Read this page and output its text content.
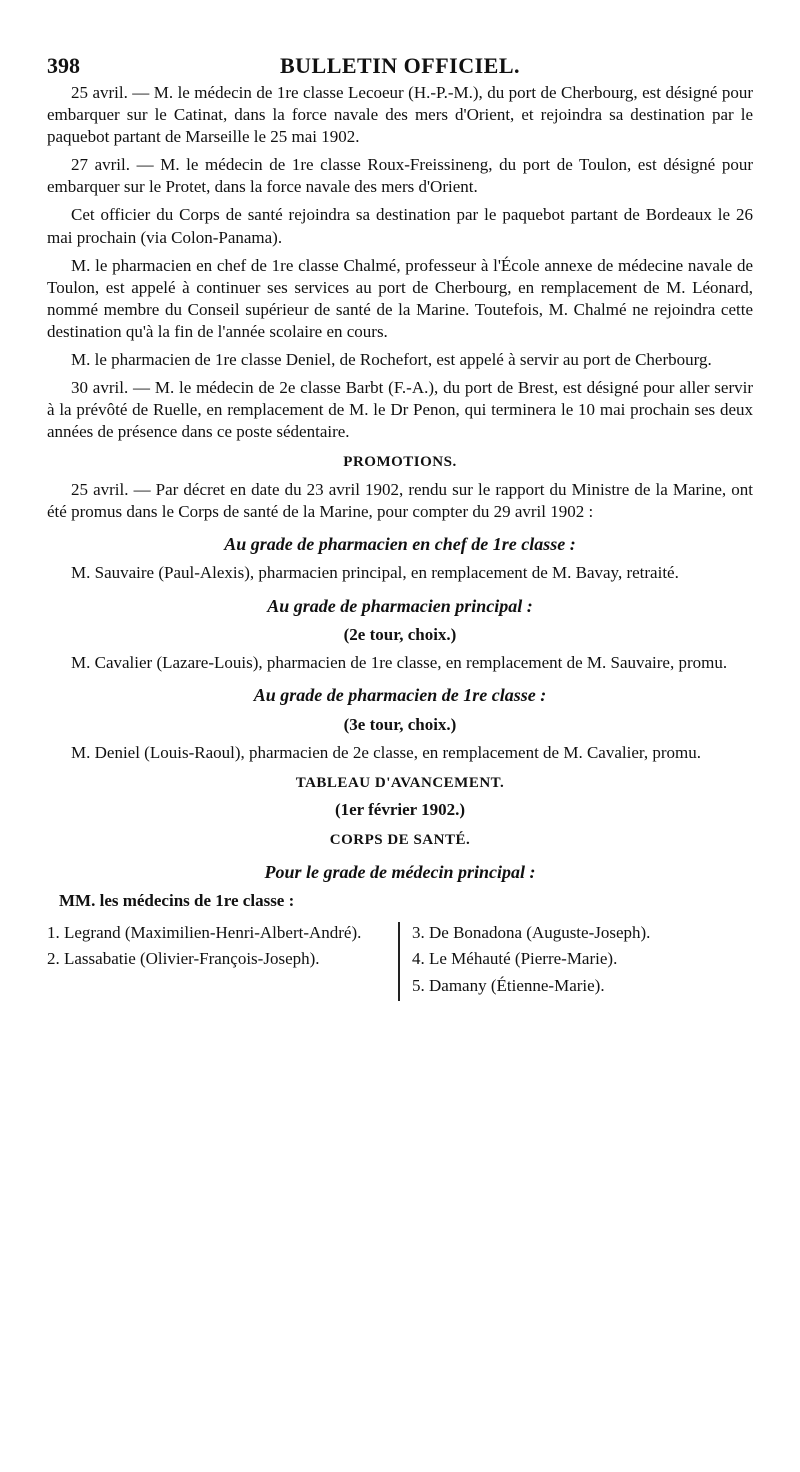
398	BULLETIN OFFICIEL.

25 avril. — M. le médecin de 1re classe Lecoeur (H.-P.-M.), du port de Cherbourg, est désigné pour embarquer sur le Catinat, dans la force navale des mers d'Orient, et rejoindra sa destination par le paquebot partant de Marseille le 25 mai 1902.

27 avril. — M. le médecin de 1re classe Roux-Freissineng, du port de Toulon, est désigné pour embarquer sur le Protet, dans la force navale des mers d'Orient.

Cet officier du Corps de santé rejoindra sa destination par le paquebot partant de Bordeaux le 26 mai prochain (via Colon-Panama).

M. le pharmacien en chef de 1re classe Chalmé, professeur à l'École annexe de médecine navale de Toulon, est appelé à continuer ses services au port de Cherbourg, en remplacement de M. Léonard, nommé membre du Conseil supérieur de santé de la Marine. Toutefois, M. Chalmé ne rejoindra cette destination qu'à la fin de l'année scolaire en cours.

M. le pharmacien de 1re classe Deniel, de Rochefort, est appelé à servir au port de Cherbourg.

30 avril. — M. le médecin de 2e classe Barbt (F.-A.), du port de Brest, est désigné pour aller servir à la prévôté de Ruelle, en remplacement de M. le Dr Penon, qui terminera le 10 mai prochain ses deux années de présence dans ce poste sédentaire.

PROMOTIONS.

25 avril. — Par décret en date du 23 avril 1902, rendu sur le rapport du Ministre de la Marine, ont été promus dans le Corps de santé de la Marine, pour compter du 29 avril 1902 :

Au grade de pharmacien en chef de 1re classe :

M. Sauvaire (Paul-Alexis), pharmacien principal, en remplacement de M. Bavay, retraité.

Au grade de pharmacien principal :
(2e tour, choix.)

M. Cavalier (Lazare-Louis), pharmacien de 1re classe, en remplacement de M. Sauvaire, promu.

Au grade de pharmacien de 1re classe :
(3e tour, choix.)

M. Deniel (Louis-Raoul), pharmacien de 2e classe, en remplacement de M. Cavalier, promu.

TABLEAU D'AVANCEMENT.
(1er février 1902.)
CORPS DE SANTÉ.
Pour le grade de médecin principal :

MM. les médecins de 1re classe :

1. Legrand (Maximilien-Henri-Albert-André).
2. Lassabatie (Olivier-François-Joseph).
3. De Bonadona (Auguste-Joseph).
4. Le Méhauté (Pierre-Marie).
5. Damany (Étienne-Marie).
